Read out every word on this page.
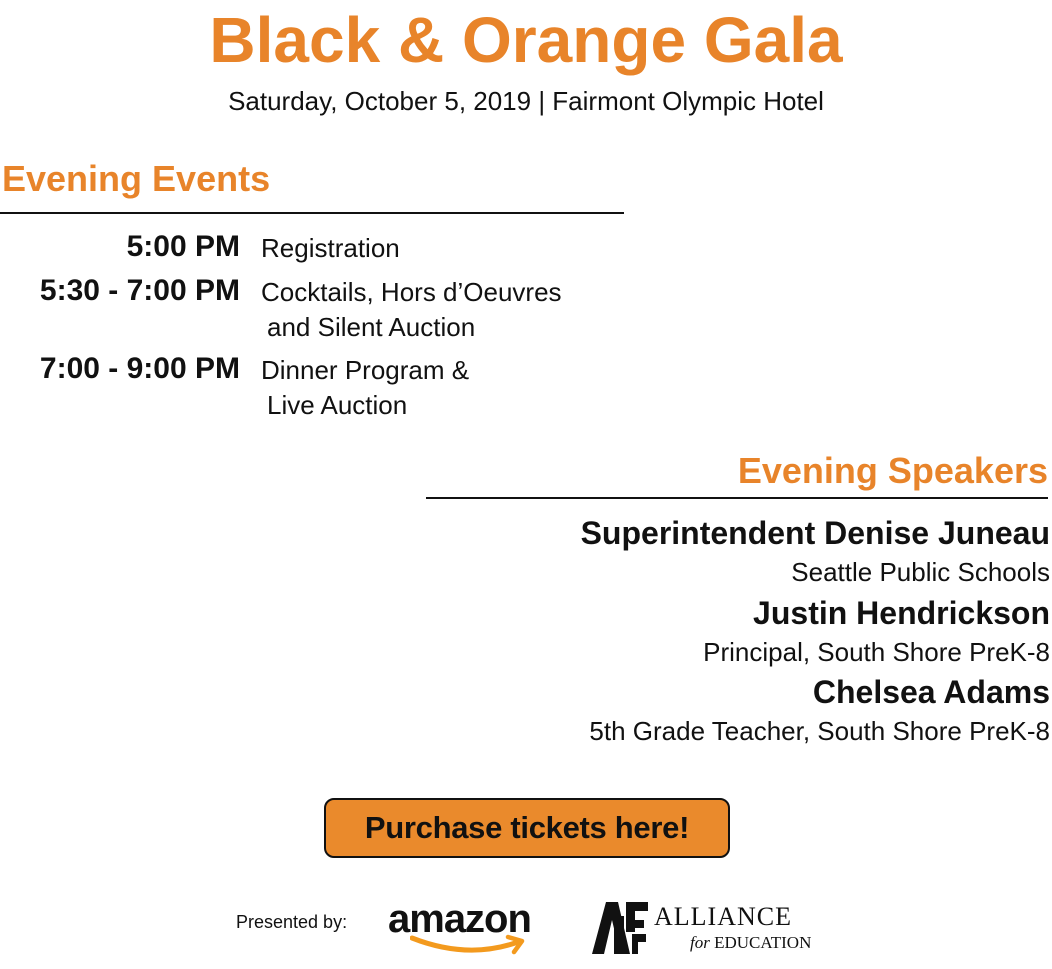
Black & Orange Gala
Saturday, October 5, 2019 | Fairmont Olympic Hotel
Evening Events
5:00 PM Registration
5:30 - 7:00 PM Cocktails, Hors d’Oeuvres
and Silent Auction
7:00 - 9:00 PM Dinner Program &
Live Auction
Evening Speakers
Superintendent Denise Juneau
Seattle Public Schools
Justin Hendrickson
Principal, South Shore PreK-8
Chelsea Adams
5th Grade Teacher, South Shore PreK-8
Purchase tickets here!
Presented by: amazon	ALLIANCE
for EDUCATION
